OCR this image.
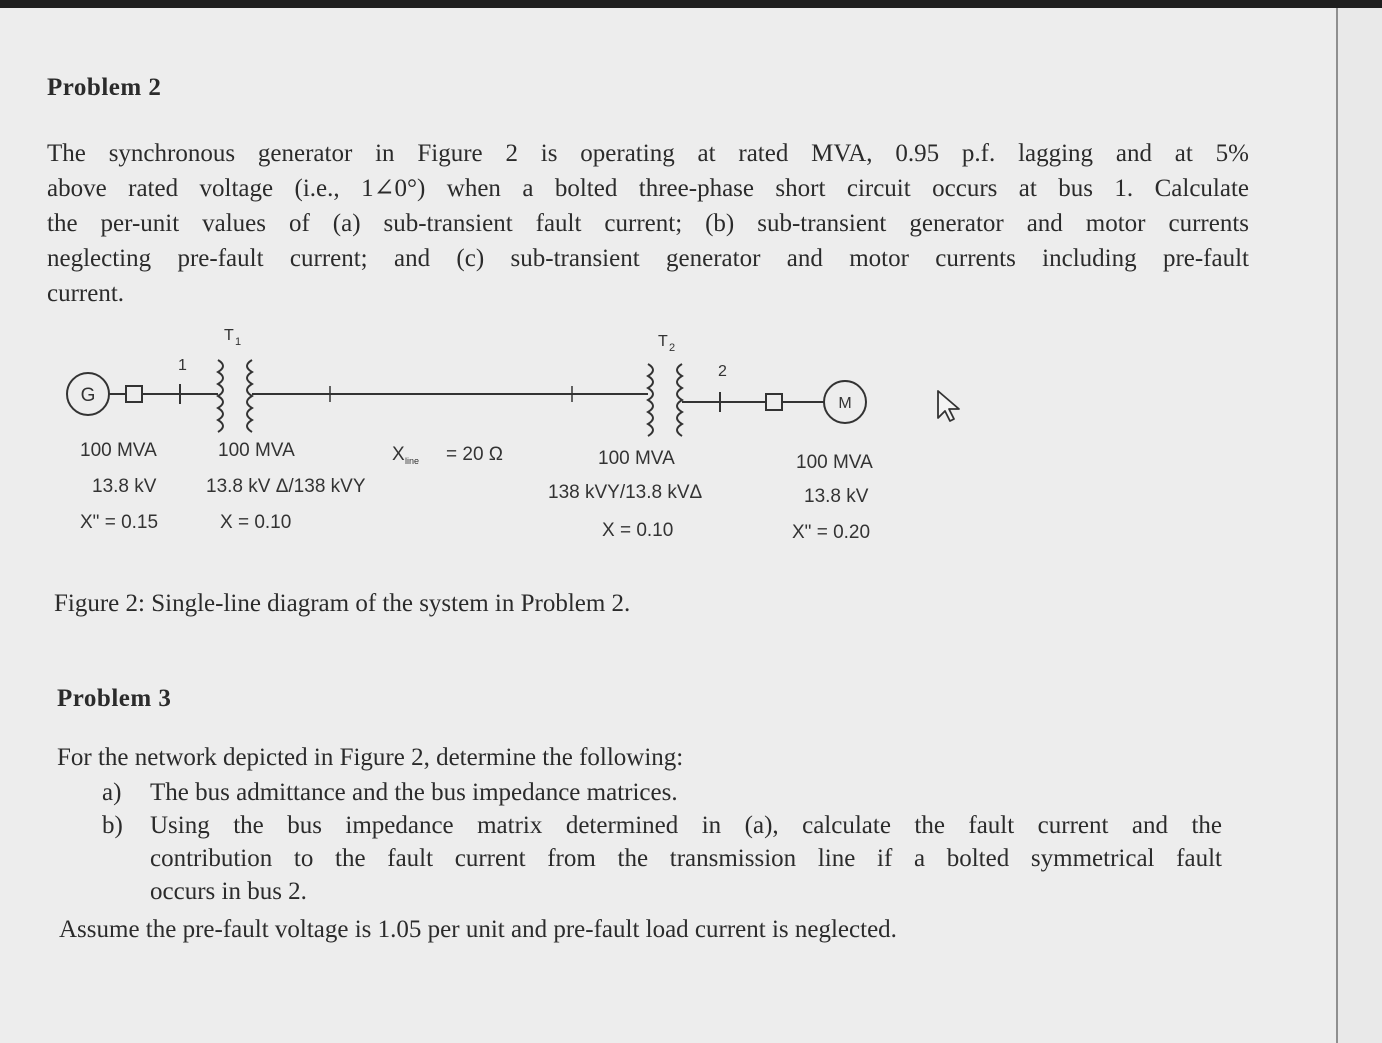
Problem 2
The synchronous generator in Figure 2 is operating at rated MVA, 0.95 p.f. lagging and at 5%
above rated voltage (i.e., 1∠0°) when a bolted three-phase short circuit occurs at bus 1. Calculate
the per-unit values of (a) sub-transient fault current; (b) sub-transient generator and motor currents
neglecting pre-fault current; and (c) sub-transient generator and motor currents including pre-fault
current.
G
1
T 1	T 2
2
M
100 MVA
13.8 kV
X" = 0.15
100 MVA
13.8 kV Δ/138 kVY
X = 0.10
X line = 20 Ω	100 MVA
138 kVY/13.8 kVΔ
X = 0.10
100 MVA
13.8 kV
X" = 0.20
Figure 2: Single-line diagram of the system in Problem 2.
Problem 3
For the network depicted in Figure 2, determine the following:
a) The bus admittance and the bus impedance matrices.
b) Using the bus impedance matrix determined in (a), calculate the fault current and the
contribution to the fault current from the transmission line if a bolted symmetrical fault
occurs in bus 2.
Assume the pre-fault voltage is 1.05 per unit and pre-fault load current is neglected.
